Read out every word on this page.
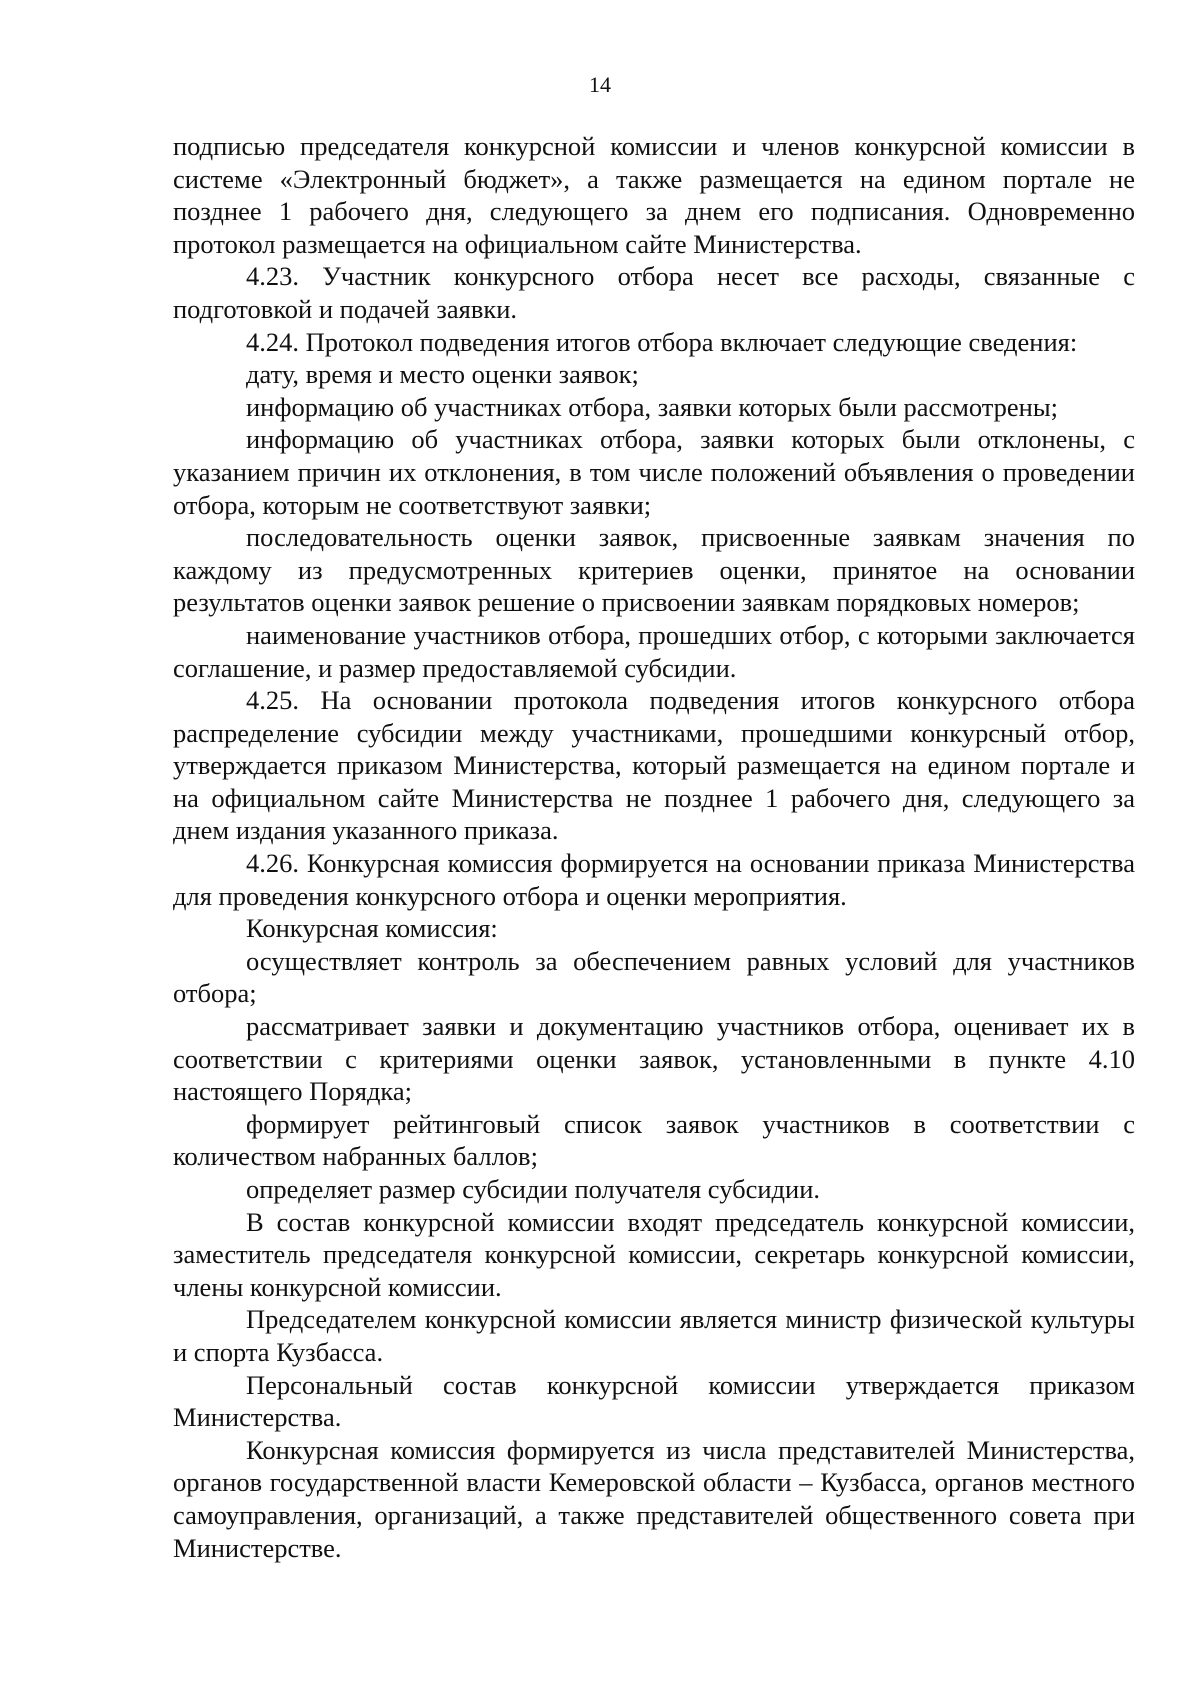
14

подписью председателя конкурсной комиссии и членов конкурсной комиссии в системе «Электронный бюджет», а также размещается на едином портале не позднее 1 рабочего дня, следующего за днем его подписания. Одновременно протокол размещается на официальном сайте Министерства.

4.23. Участник конкурсного отбора несет все расходы, связанные с подготовкой и подачей заявки.

4.24. Протокол подведения итогов отбора включает следующие сведения:

дату, время и место оценки заявок;

информацию об участниках отбора, заявки которых были рассмотрены;

информацию об участниках отбора, заявки которых были отклонены, с указанием причин их отклонения, в том числе положений объявления о проведении отбора, которым не соответствуют заявки;

последовательность оценки заявок, присвоенные заявкам значения по каждому из предусмотренных критериев оценки, принятое на основании результатов оценки заявок решение о присвоении заявкам порядковых номеров;

наименование участников отбора, прошедших отбор, с которыми заключается соглашение, и размер предоставляемой субсидии.

4.25. На основании протокола подведения итогов конкурсного отбора распределение субсидии между участниками, прошедшими конкурсный отбор, утверждается приказом Министерства, который размещается на едином портале и на официальном сайте Министерства не позднее 1 рабочего дня, следующего за днем издания указанного приказа.

4.26. Конкурсная комиссия формируется на основании приказа Министерства для проведения конкурсного отбора и оценки мероприятия.

Конкурсная комиссия:

осуществляет контроль за обеспечением равных условий для участников отбора;

рассматривает заявки и документацию участников отбора, оценивает их в соответствии с критериями оценки заявок, установленными в пункте 4.10 настоящего Порядка;

формирует рейтинговый список заявок участников в соответствии с количеством набранных баллов;

определяет размер субсидии получателя субсидии.

В состав конкурсной комиссии входят председатель конкурсной комиссии, заместитель председателя конкурсной комиссии, секретарь конкурсной комиссии, члены конкурсной комиссии.

Председателем конкурсной комиссии является министр физической культуры и спорта Кузбасса.

Персональный состав конкурсной комиссии утверждается приказом Министерства.

Конкурсная комиссия формируется из числа представителей Министерства, органов государственной власти Кемеровской области – Кузбасса, органов местного самоуправления, организаций, а также представителей общественного совета при Министерстве.
